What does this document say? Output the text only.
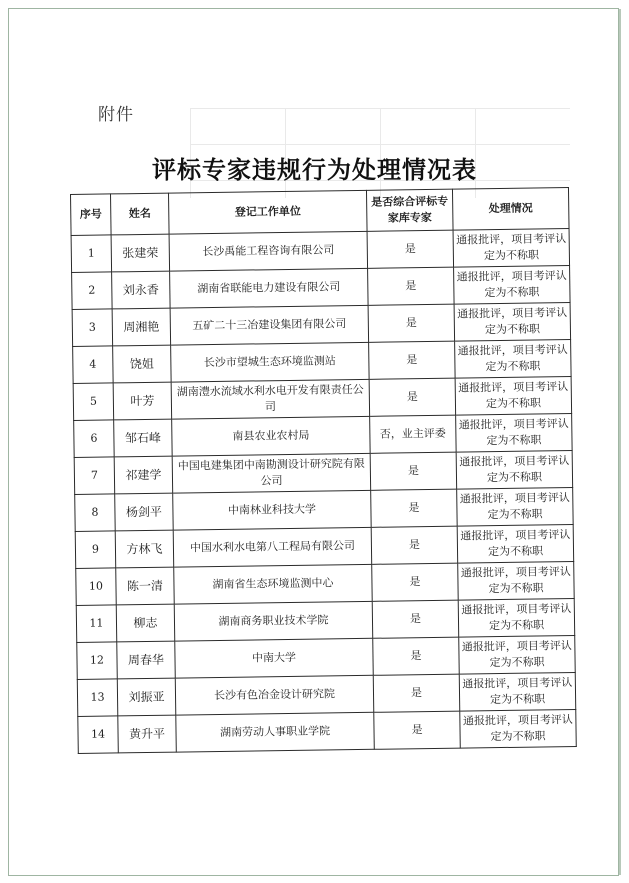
附件
评标专家违规行为处理情况表
序号	姓名	登记工作单位	是否综合评标专家库专家	处理情况
1	张建荣	长沙禹能工程咨询有限公司	是	通报批评，项目考评认定为不称职
2	刘永香	湖南省联能电力建设有限公司	是	通报批评，项目考评认定为不称职
3	周湘艳	五矿二十三冶建设集团有限公司	是	通报批评，项目考评认定为不称职
4	饶姐	长沙市望城生态环境监测站	是	通报批评，项目考评认定为不称职
5	叶芳	湖南澧水流域水利水电开发有限责任公司	是	通报批评，项目考评认定为不称职
6	邹石峰	南县农业农村局	否，业主评委	通报批评，项目考评认定为不称职
7	祁建学	中国电建集团中南勘测设计研究院有限公司	是	通报批评，项目考评认定为不称职
8	杨剑平	中南林业科技大学	是	通报批评，项目考评认定为不称职
9	方林飞	中国水利水电第八工程局有限公司	是	通报批评，项目考评认定为不称职
10	陈一清	湖南省生态环境监测中心	是	通报批评，项目考评认定为不称职
11	柳志	湖南商务职业技术学院	是	通报批评，项目考评认定为不称职
12	周春华	中南大学	是	通报批评，项目考评认定为不称职
13	刘振亚	长沙有色冶金设计研究院	是	通报批评，项目考评认定为不称职
14	黄升平	湖南劳动人事职业学院	是	通报批评，项目考评认定为不称职
